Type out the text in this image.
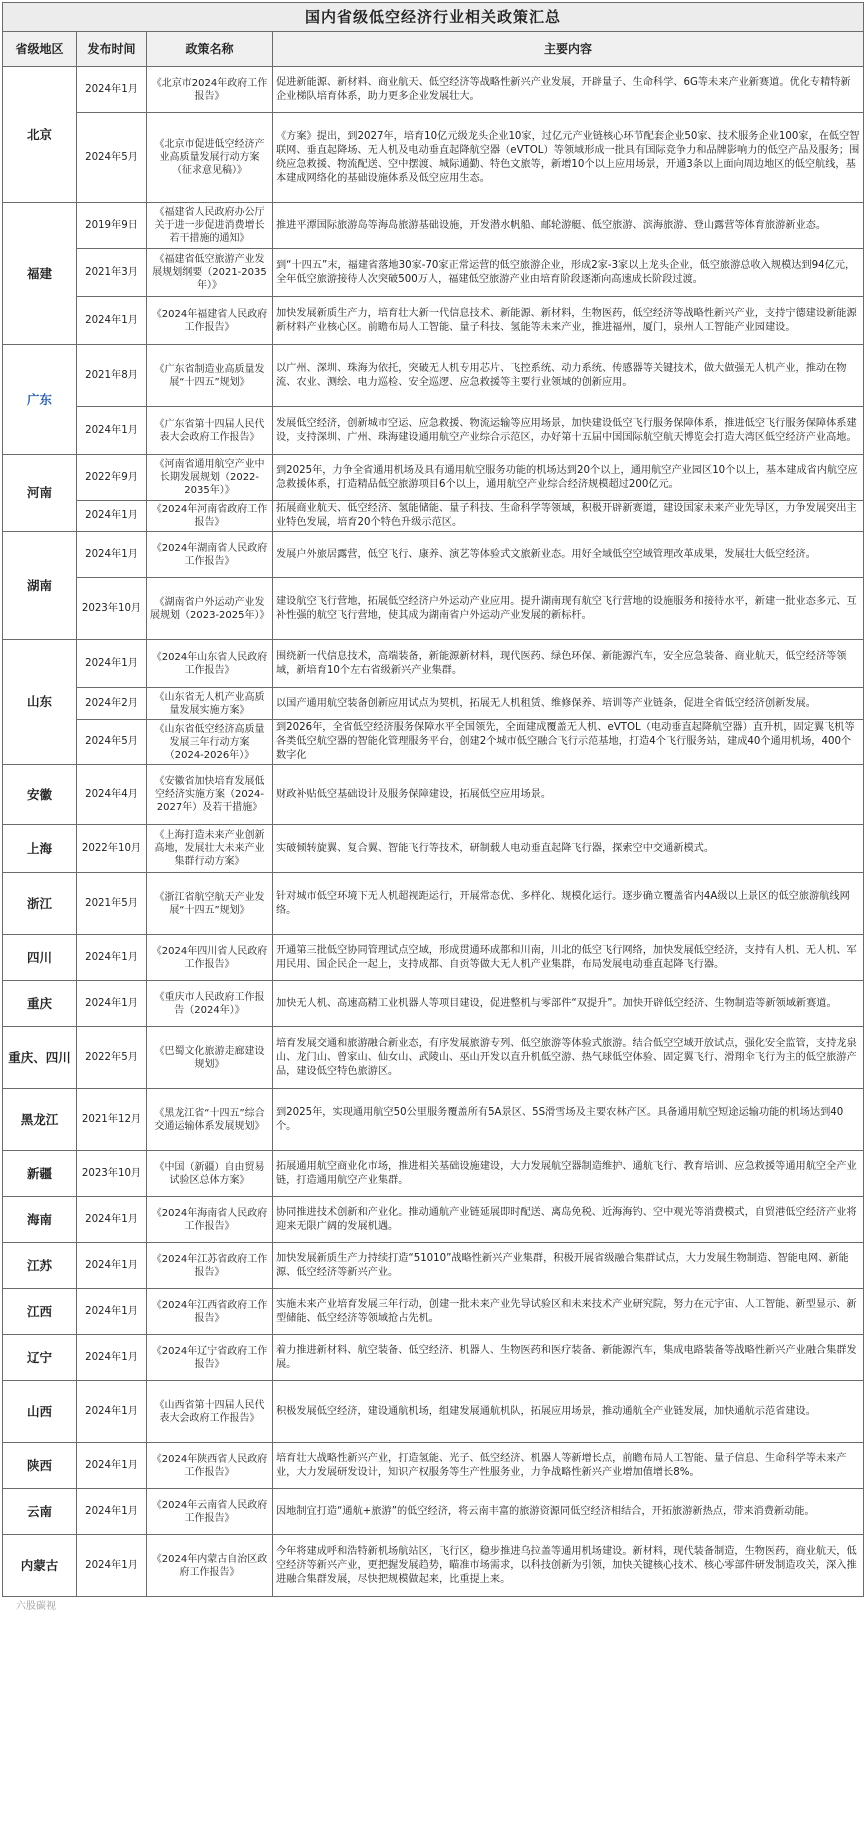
国内省级低空经济行业相关政策汇总			
省级地区	发布时间	政策名称	主要内容
北京	2024年1月	《北京市2024年政府工作报告》	促进新能源、新材料、商业航天、低空经济等战略性新兴产业发展，开辟量子、生命科学、6G等未来产业新赛道。优化专精特新企业梯队培育体系，助力更多企业发展壮大。
	2024年5月	《北京市促进低空经济产业高质量发展行动方案（征求意见稿）》	《方案》提出，到2027年，培育10亿元级龙头企业10家，过亿元产业链核心环节配套企业50家、技术服务企业100家，在低空智联网、垂直起降场、无人机及电动垂直起降航空器（eVTOL）等领域形成一批具有国际竞争力和品牌影响力的低空产品及服务；围绕应急救援、物流配送、空中摆渡、城际通勤、特色文旅等，新增10个以上应用场景，开通3条以上面向周边地区的低空航线，基本建成网络化的基础设施体系及低空应用生态。
福建	2019年9日	《福建省人民政府办公厅关于进一步促进消费增长若干措施的通知》	推进平潭国际旅游岛等海岛旅游基础设施，开发潜水帆船、邮轮游艇、低空旅游、滨海旅游、登山露营等体育旅游新业态。
	2021年3月	《福建省低空旅游产业发展规划纲要（2021-2035年）》	到“十四五”末，福建省落地30家-70家正常运营的低空旅游企业，形成2家-3家以上龙头企业，低空旅游总收入规模达到94亿元，全年低空旅游接待人次突破500万人，福建低空旅游产业由培育阶段逐渐向高速成长阶段过渡。
	2024年1月	《2024年福建省人民政府工作报告》	加快发展新质生产力，培育壮大新一代信息技术、新能源、新材料，生物医药，低空经济等战略性新兴产业，支持宁德建设新能源新材料产业核心区。前瞻布局人工智能、量子科技、氢能等未来产业，推进福州，厦门，泉州人工智能产业园建设。
广东	2021年8月	《广东省制造业高质量发展“十四五”规划》	以广州、深圳、珠海为依托，突破无人机专用芯片、飞控系统、动力系统、传感器等关键技术，做大做强无人机产业，推动在物流、农业、测绘、电力巡检、安全巡逻、应急救援等主要行业领域的创新应用。
	2024年1月	《广东省第十四届人民代表大会政府工作报告》	发展低空经济，创新城市空运、应急救援、物流运输等应用场景，加快建设低空飞行服务保障体系，推进低空飞行服务保障体系建设，支持深圳、广州、珠海建设通用航空产业综合示范区，办好第十五届中国国际航空航天博览会打造大湾区低空经济产业高地。
河南	2022年9月	《河南省通用航空产业中长期发展规划（2022-2035年）》	到2025年，力争全省通用机场及具有通用航空服务功能的机场达到20个以上，通用航空产业园区10个以上，基本建成省内航空应急救援体系，打造精品低空旅游项目6个以上，通用航空产业综合经济规模超过200亿元。
	2024年1月	《2024年河南省政府工作报告》	拓展商业航天、低空经济、氢能储能、量子科技、生命科学等领域，积极开辟新赛道，建设国家未来产业先导区，力争发展突出主业特色发展，培育20个特色升级示范区。
湖南	2024年1月	《2024年湖南省人民政府工作报告》	发展户外旅居露营，低空飞行、康养、演艺等体验式文旅新业态。用好全域低空空域管理改革成果，发展壮大低空经济。
	2023年10月	《湖南省户外运动产业发展规划（2023-2025年）》	建设航空飞行营地，拓展低空经济户外运动产业应用。提升湖南现有航空飞行营地的设施服务和接待水平，新建一批业态多元、互补性强的航空飞行营地，使其成为湖南省户外运动产业发展的新标杆。
山东	2024年1月	《2024年山东省人民政府工作报告》	围绕新一代信息技术，高端装备，新能源新材料，现代医药、绿色环保、新能源汽车，安全应急装备、商业航天，低空经济等领域，新培育10个左右省级新兴产业集群。
	2024年2月	《山东省无人机产业高质量发展实施方案》	以国产通用航空装备创新应用试点为契机，拓展无人机租赁、维修保养、培训等产业链条，促进全省低空经济创新发展。
	2024年5月	《山东省低空经济高质量发展三年行动方案（2024-2026年）》	到2026年，全省低空经济服务保障水平全国领先，全面建成覆盖无人机、eVTOL（电动垂直起降航空器）直升机，固定翼飞机等各类低空航空器的智能化管理服务平台，创建2个城市低空融合飞行示范基地，打造4个飞行服务站，建成40个通用机场，400个数字化
安徽	2024年4月	《安徽省加快培育发展低空经济实施方案（2024-2027年）及若干措施》	财政补贴低空基础设计及服务保障建设，拓展低空应用场景。
上海	2022年10月	《上海打造未来产业创新高地，发展壮大未来产业集群行动方案》	实破倾转旋翼、复合翼、智能飞行等技术，研制载人电动垂直起降飞行器，探索空中交通新模式。
浙江	2021年5月	《浙江省航空航天产业发展“十四五”规划》	针对城市低空环境下无人机超视距运行，开展常态优、多样化、规模化运行。逐步确立覆盖省内4A级以上景区的低空旅游航线网络。
四川	2024年1月	《2024年四川省人民政府工作报告》	开通第三批低空协同管理试点空域，形成贯通环成都和川南，川北的低空飞行网络，加快发展低空经济，支持有人机、无人机、军用民用、国企民企一起上，支持成都、自贡等做大无人机产业集群，布局发展电动垂直起降飞行器。
重庆	2024年1月	《重庆市人民政府工作报告（2024年）》	加快无人机、高速高精工业机器人等项目建设，促进整机与零部件“双提升”。加快开辟低空经济、生物制造等新领域新赛道。
重庆、四川	2022年5月	《巴蜀文化旅游走廊建设规划》	培育发展交通和旅游融合新业态，有序发展旅游专列、低空旅游等体验式旅游。结合低空空域开放试点，强化安全监管，支持龙泉山、龙门山、曾家山、仙女山、武陵山、巫山开发以直升机低空游、热气球低空体验、固定翼飞行、滑翔伞飞行为主的低空旅游产品，建设低空特色旅游区。
黑龙江	2021年12月	《黑龙江省“十四五”综合交通运输体系发展规划》	到2025年，实现通用航空50公里服务覆盖所有5A景区、5S滑雪场及主要农林产区。具备通用航空短途运输功能的机场达到40个。
新疆	2023年10月	《中国（新疆）自由贸易试验区总体方案》	拓展通用航空商业化市场，推进相关基础设施建设，大力发展航空器制造维护、通航飞行、教育培训、应急救援等通用航空全产业链，打造通用航空产业集群。
海南	2024年1月	《2024年海南省人民政府工作报告》	协同推进技术创新和产业化。推动通航产业链延展即时配送、离岛免税、近海海钓、空中观光等消费模式，自贸港低空经济产业将迎来无限广阔的发展机遇。
江苏	2024年1月	《2024年江苏省政府工作报告》	加快发展新质生产力持续打造“51010”战略性新兴产业集群，积极开展省级融合集群试点，大力发展生物制造、智能电网、新能源、低空经济等新兴产业。
江西	2024年1月	《2024年江西省政府工作报告》	实施未来产业培育发展三年行动，创建一批未来产业先导试验区和未来技术产业研究院，努力在元宇宙、人工智能、新型显示、新型储能、低空经济等领域抢占先机。
辽宁	2024年1月	《2024年辽宁省政府工作报告》	着力推进新材料、航空装备、低空经济、机器人、生物医药和医疗装备、新能源汽车，集成电路装备等战略性新兴产业融合集群发展。
山西	2024年1月	《山西省第十四届人民代表大会政府工作报告》	积极发展低空经济，建设通航机场，组建发展通航机队，拓展应用场景，推动通航全产业链发展，加快通航示范省建设。
陕西	2024年1月	《2024年陕西省人民政府工作报告》	培育壮大战略性新兴产业，打造氢能、光子、低空经济、机器人等新增长点，前瞻布局人工智能、量子信息、生命科学等未来产业，大力发展研发设计，知识产权服务等生产性服务业，力争战略性新兴产业增加值增长8%。
云南	2024年1月	《2024年云南省人民政府工作报告》	因地制宜打造“通航+旅游”的低空经济，将云南丰富的旅游资源同低空经济相结合，开拓旅游新热点，带来消费新动能。
内蒙古	2024年1月	《2024年内蒙古自治区政府工作报告》	今年将建成呼和浩特新机场航站区，飞行区，稳步推进乌拉盖等通用机场建设。新材料，现代装备制造，生物医药，商业航天，低空经济等新兴产业，更把握发展趋势，瞄准市场需求，以科技创新为引领，加快关键核心技术、核心零部件研发制造攻关，深入推进融合集群发展，尽快把规模做起来，比重提上来。
六股碳视
